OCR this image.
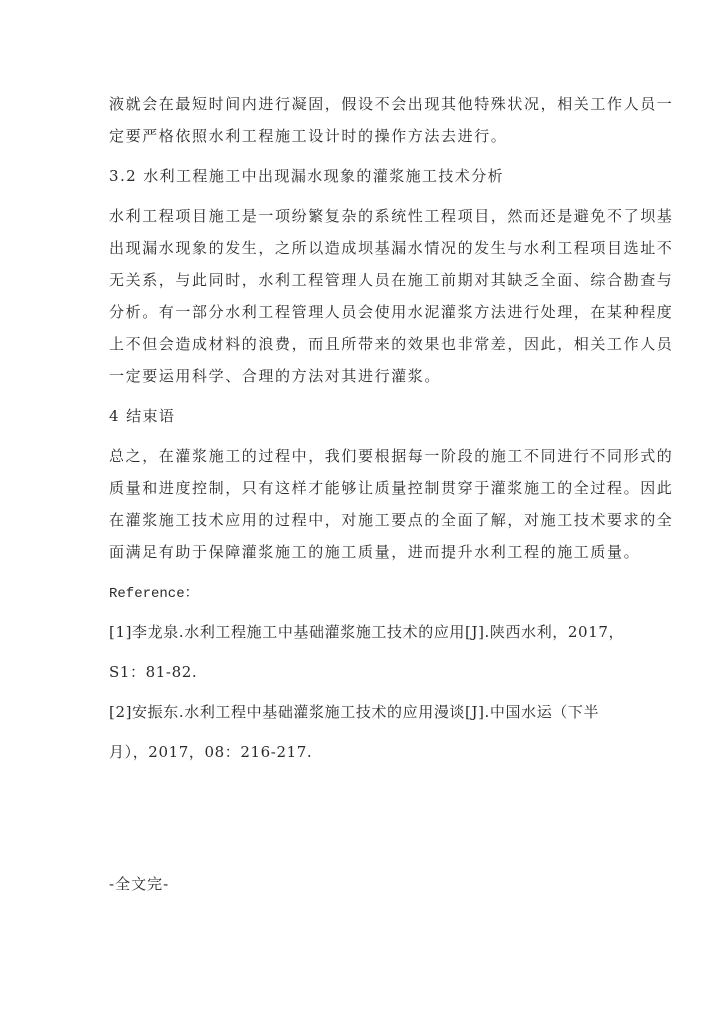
液就会在最短时间内进行凝固，假设不会出现其他特殊状况，相关工作人员一
定要严格依照水利工程施工设计时的操作方法去进行。
3.2 水利工程施工中出现漏水现象的灌浆施工技术分析
水利工程项目施工是一项纷繁复杂的系统性工程项目，然而还是避免不了坝基
出现漏水现象的发生，之所以造成坝基漏水情况的发生与水利工程项目选址不
无关系，与此同时，水利工程管理人员在施工前期对其缺乏全面、综合勘查与
分析。有一部分水利工程管理人员会使用水泥灌浆方法进行处理，在某种程度
上不但会造成材料的浪费，而且所带来的效果也非常差，因此，相关工作人员
一定要运用科学、合理的方法对其进行灌浆。
4 结束语
总之，在灌浆施工的过程中，我们要根据每一阶段的施工不同进行不同形式的
质量和进度控制，只有这样才能够让质量控制贯穿于灌浆施工的全过程。因此
在灌浆施工技术应用的过程中，对施工要点的全面了解，对施工技术要求的全
面满足有助于保障灌浆施工的施工质量，进而提升水利工程的施工质量。
Reference：
[1]李龙泉.水利工程施工中基础灌浆施工技术的应用[J].陕西水利，2017，
S1：81-82.
[2]安振东.水利工程中基础灌浆施工技术的应用漫谈[J].中国水运（下半
月），2017，08：216-217.
-全文完-
